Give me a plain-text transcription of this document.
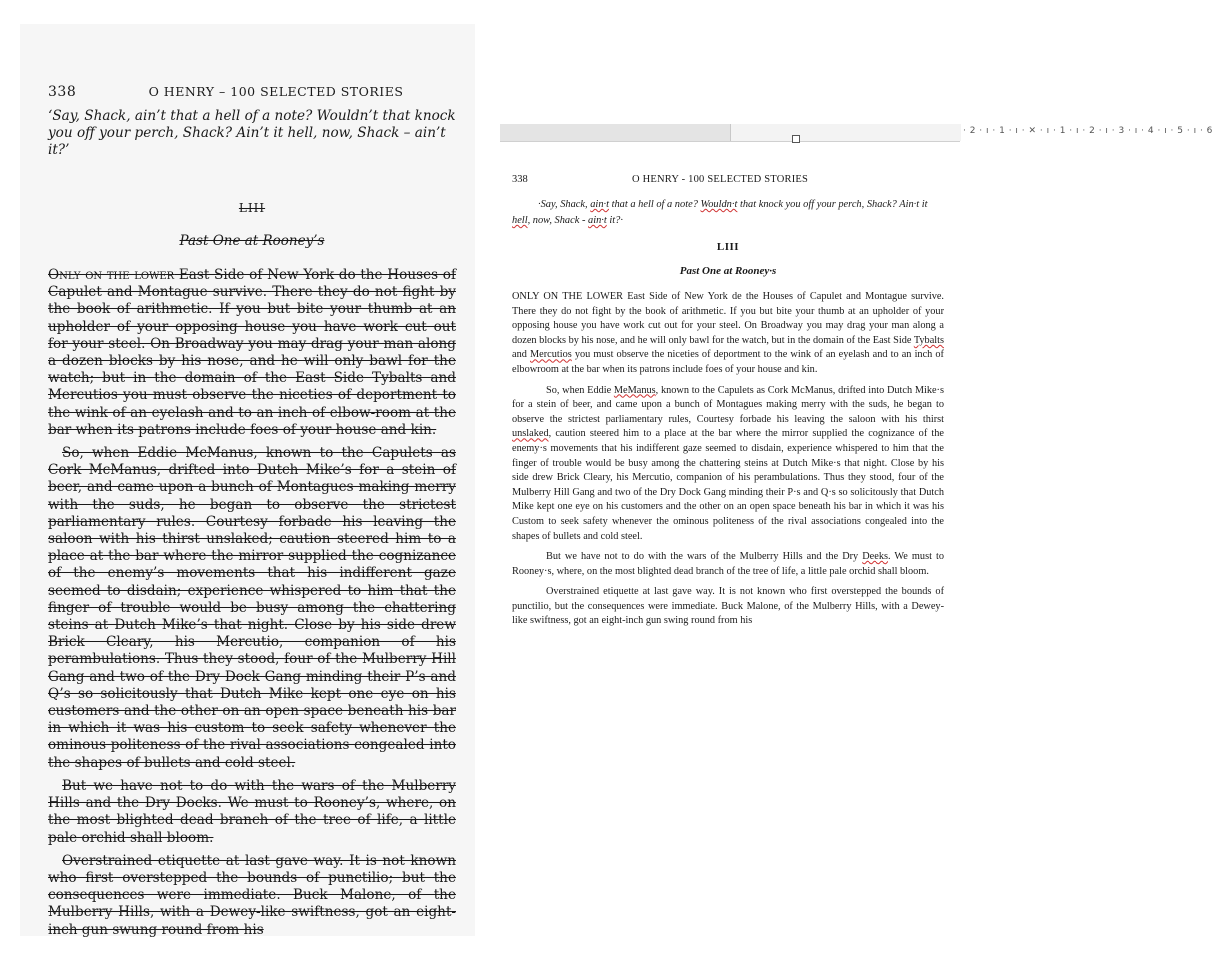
338	O HENRY – 100 SELECTED STORIES
‘Say, Shack, ain’t that a hell of a note? Wouldn’t that knock you off your perch, Shack? Ain’t it hell, now, Shack – ain’t it?’
LIII
Past One at Rooney’s

Only on the lower East Side of New York do the Houses of Capulet and Montague survive. There they do not fight by the book of arithmetic. If you but bite your thumb at an upholder of your opposing house you have work cut out for your steel. On Broadway you may drag your man along a dozen blocks by his nose, and he will only bawl for the watch; but in the domain of the East Side Tybalts and Mercutios you must observe the niceties of deportment to the wink of an eyelash and to an inch of elbow-room at the bar when its patrons include foes of your house and kin.

So, when Eddie McManus, known to the Capulets as Cork McManus, drifted into Dutch Mike’s for a stein of beer, and came upon a bunch of Montagues making merry with the suds, he began to observe the strictest parliamentary rules. Courtesy forbade his leaving the saloon with his thirst unslaked; caution steered him to a place at the bar where the mirror supplied the cognizance of the enemy’s movements that his indifferent gaze seemed to disdain; experience whispered to him that the finger of trouble would be busy among the chattering steins at Dutch Mike’s that night. Close by his side drew Brick Cleary, his Mercutio, companion of his perambulations. Thus they stood, four of the Mulberry Hill Gang and two of the Dry Dock Gang minding their P’s and Q’s so solicitously that Dutch Mike kept one eye on his customers and the other on an open space beneath his bar in which it was his custom to seek safety whenever the ominous politeness of the rival associations congealed into the shapes of bullets and cold steel.

But we have not to do with the wars of the Mulberry Hills and the Dry Docks. We must to Rooney’s, where, on the most blighted dead branch of the tree of life, a little pale orchid shall bloom.

Overstrained etiquette at last gave way. It is not known who first overstepped the bounds of punctilio; but the consequences were immediate. Buck Malone, of the Mulberry Hills, with a Dewey-like swiftness, got an eight-inch gun swung round from his

· 2 · ı · 1 · ı · ✕ · ı · 1 · ı · 2 · ı · 3 · ı · 4 · ı · 5 · ı · 6
338	O HENRY - 100 SELECTED STORIES
·Say, Shack, ain·t that a hell of a note? Wouldn·t that knock you off your perch, Shack? Ain·t it hell, now, Shack - ain·t it?·
LIII
Past One at Rooney·s

ONLY ON THE LOWER East Side of New York de the Houses of Capulet and Montague survive. There they do not fight by the book of arithmetic. If you but bite your thumb at an upholder of your opposing house you have work cut out for your steel. On Broadway you may drag your man along a dozen blocks by his nose, and he will only bawl for the watch, but in the domain of the East Side Tybalts and Mercutios you must observe the niceties of deportment to the wink of an eyelash and to an inch of elbowroom at the bar when its patrons include foes of your house and kin.

So, when Eddie MeManus, known to the Capulets as Cork McManus, drifted into Dutch Mike·s for a stein of beer, and came upon a bunch of Montagues making merry with the suds, he began to observe the strictest parliamentary rules, Courtesy forbade his leaving the saloon with his thirst unslaked, caution steered him to a place at the bar where the mirror supplied the cognizance of the enemy·s movements that his indifferent gaze seemed to disdain, experience whispered to him that the finger of trouble would be busy among the chattering steins at Dutch Mike·s that night. Close by his side drew Brick Cleary, his Mercutio, companion of his perambulations. Thus they stood, four of the Mulberry Hill Gang and two of the Dry Dock Gang minding their P·s and Q·s so solicitously that Dutch Mike kept one eye on his customers and the other on an open space beneath his bar in which it was his Custom to seek safety whenever the ominous politeness of the rival associations congealed into the shapes of bullets and cold steel.

But we have not to do with the wars of the Mulberry Hills and the Dry Deeks. We must to Rooney·s, where, on the most blighted dead branch of the tree of life, a little pale orchid shall bloom.

Overstrained etiquette at last gave way. It is not known who first overstepped the bounds of punctilio, but the consequences were immediate. Buck Malone, of the Mulberry Hills, with a Dewey-like swiftness, got an eight-inch gun swing round from his
